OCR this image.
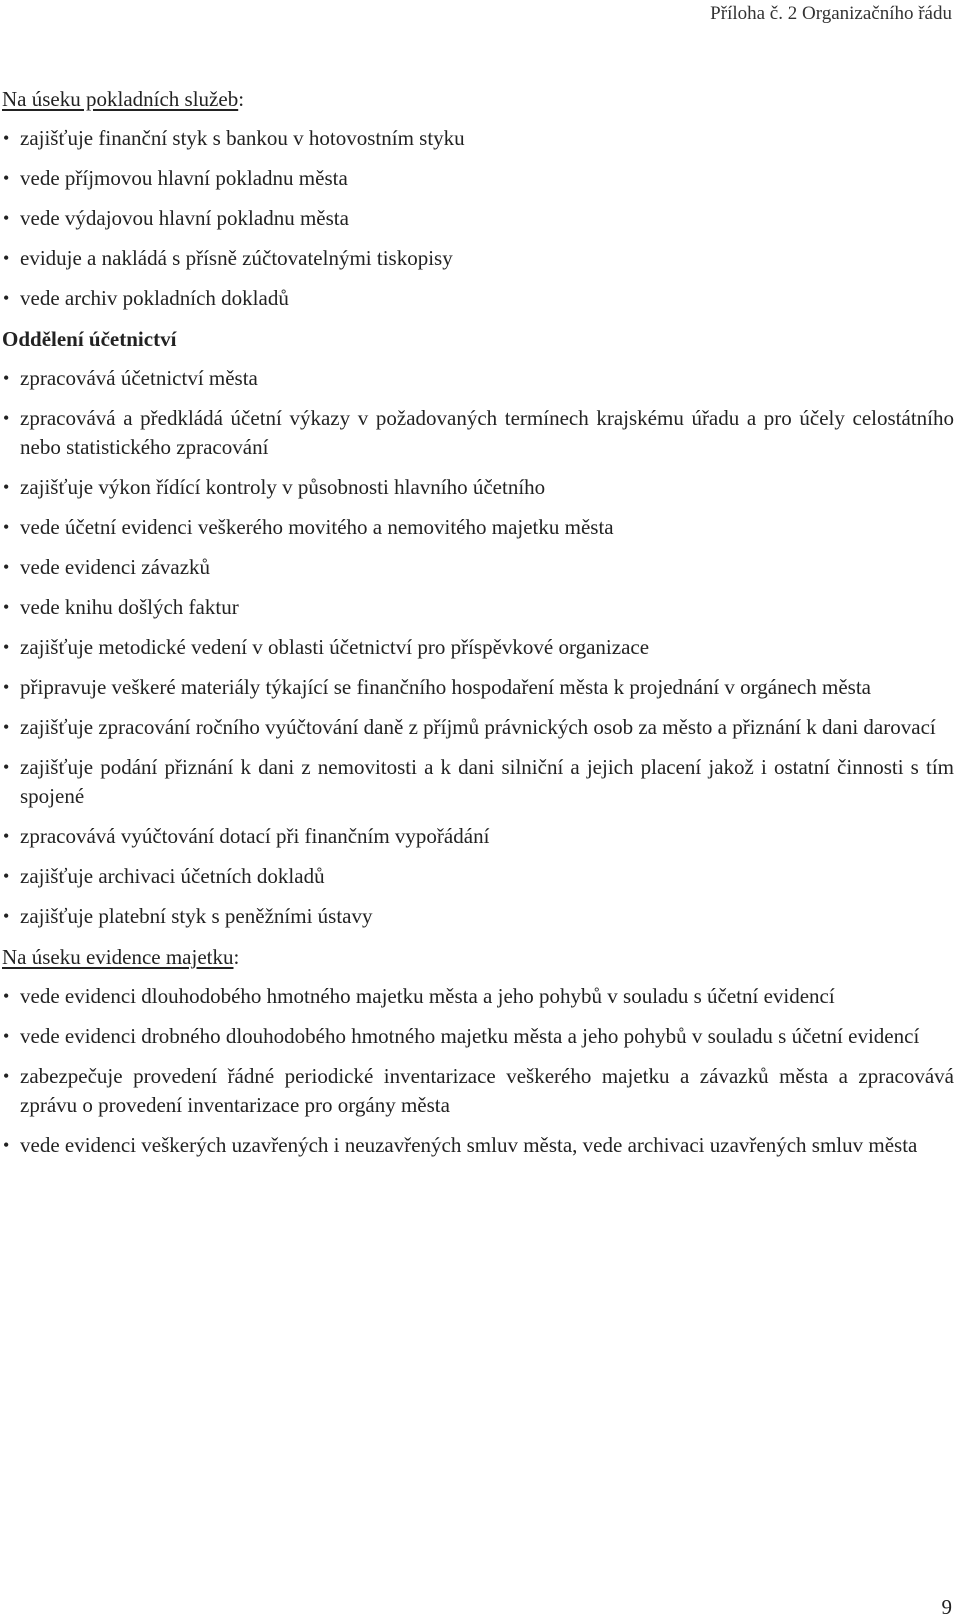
Příloha č. 2 Organizačního řádu
Na úseku pokladních služeb:
• zajišťuje finanční styk s bankou v hotovostním styku
• vede příjmovou hlavní pokladnu města
• vede výdajovou hlavní pokladnu města
• eviduje a nakládá s přísně zúčtovatelnými tiskopisy
• vede archiv pokladních dokladů
Oddělení účetnictví
• zpracovává účetnictví města
• zpracovává a předkládá účetní výkazy v požadovaných termínech krajskému úřadu a pro účely celostátního nebo statistického zpracování
• zajišťuje výkon řídící kontroly v působnosti hlavního účetního
• vede účetní evidenci veškerého movitého a nemovitého majetku města
• vede evidenci závazků
• vede knihu došlých faktur
• zajišťuje metodické vedení v oblasti účetnictví pro příspěvkové organizace
• připravuje veškeré materiály týkající se finančního hospodaření města k projednání v orgánech města
• zajišťuje zpracování ročního vyúčtování daně z příjmů právnických osob za město a přiznání k dani darovací
• zajišťuje podání přiznání k dani z nemovitosti a k dani silniční a jejich placení jakož i ostatní činnosti s tím spojené
• zpracovává vyúčtování dotací při finančním vypořádání
• zajišťuje archivaci účetních dokladů
• zajišťuje platební styk s peněžními ústavy
Na úseku evidence majetku:
• vede evidenci dlouhodobého hmotného majetku města a jeho pohybů v souladu s účetní evidencí
• vede evidenci drobného dlouhodobého hmotného majetku města a jeho pohybů v souladu s účetní evidencí
• zabezpečuje provedení řádné periodické inventarizace veškerého majetku a závazků města a zpracovává zprávu o provedení inventarizace pro orgány města
• vede evidenci veškerých uzavřených i neuzavřených smluv města, vede archivaci uzavřených smluv města
9
